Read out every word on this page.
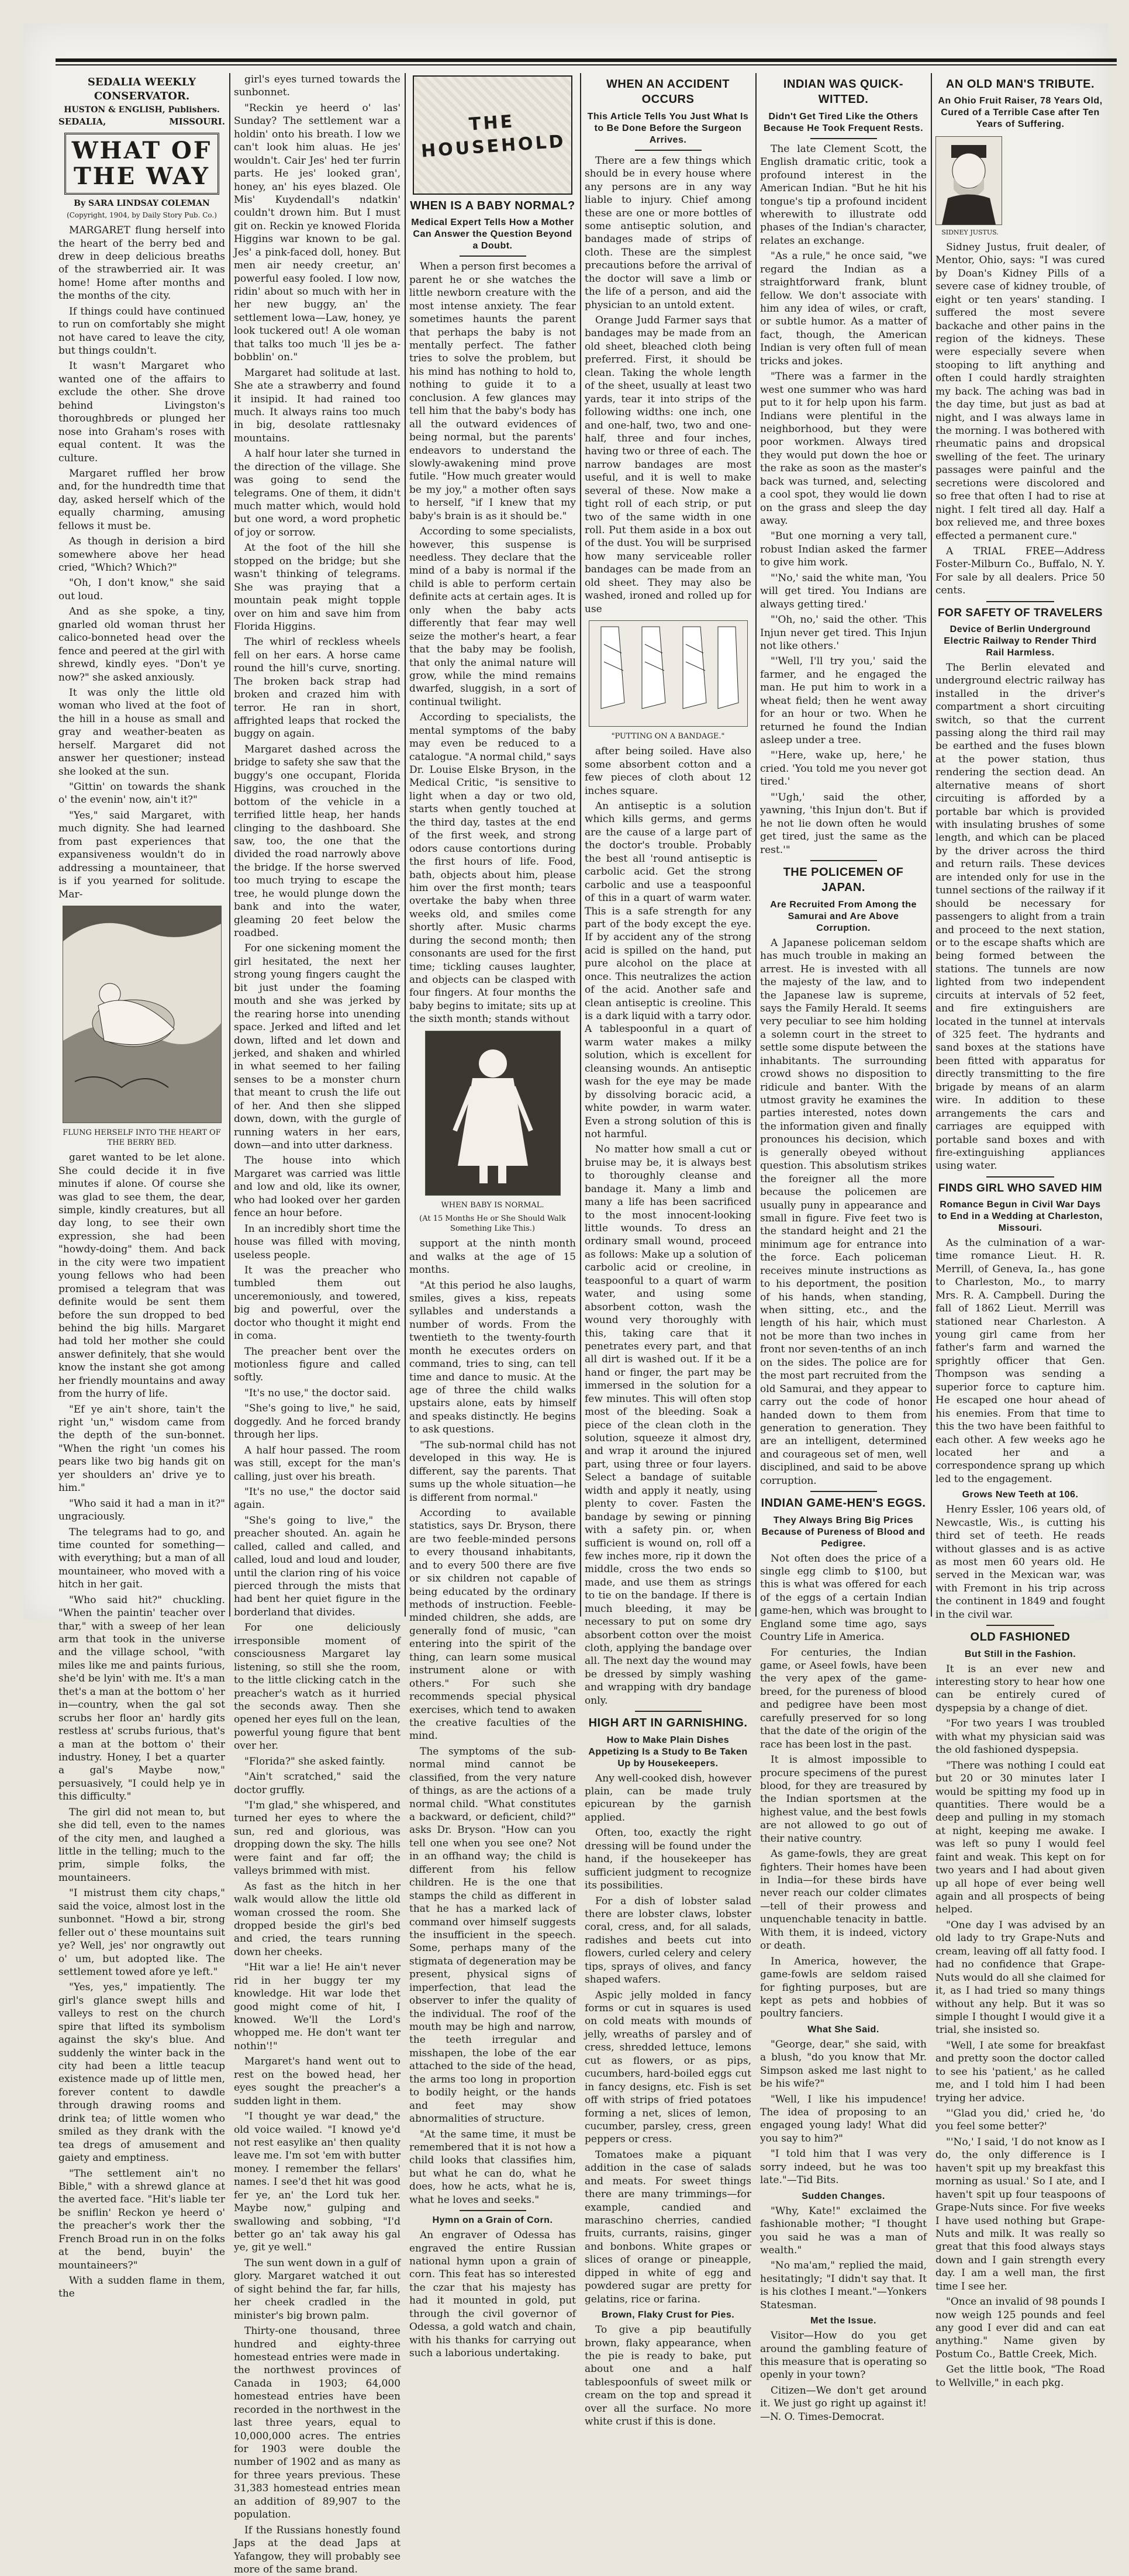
SEDALIA WEEKLY CONSERVATOR.
HUSTON & ENGLISH, Publishers.
SEDALIA,	MISSOURI.
WHAT OF THE WAY
By SARA LINDSAY COLEMAN
(Copyright, 1904, by Daily Story Pub. Co.)

MARGARET flung herself into the heart of the berry bed and drew in deep delicious breaths of the strawberried air. It was home! Home after months and the months of the city.

If things could have continued to run on comfortably she might not have cared to leave the city, but things couldn't.

It wasn't Margaret who wanted one of the affairs to exclude the other. She drove behind Livingston's thoroughbreds or plunged her nose into Graham's roses with equal content. It was the culture.

Margaret ruffled her brow and, for the hundredth time that day, asked herself which of the equally charming, amusing fellows it must be.

As though in derision a bird somewhere above her head cried, "Which? Which?"

"Oh, I don't know," she said out loud.

And as she spoke, a tiny, gnarled old woman thrust her calico-bonneted head over the fence and peered at the girl with shrewd, kindly eyes. "Don't ye now?" she asked anxiously.

It was only the little old woman who lived at the foot of the hill in a house as small and gray and weather-beaten as herself. Margaret did not answer her questioner; instead she looked at the sun.

"Gittin' on towards the shank o' the evenin' now, ain't it?"

"Yes," said Margaret, with much dignity. She had learned from past experiences that expansiveness wouldn't do in addressing a mountaineer, that is if you yearned for solitude. Mar-

FLUNG HERSELF INTO THE HEART OF THE BERRY BED.

garet wanted to be let alone. She could decide it in five minutes if alone. Of course she was glad to see them, the dear, simple, kindly creatures, but all day long, to see their own expression, she had been "howdy-doing" them. And back in the city were two impatient young fellows who had been promised a telegram that was definite would be sent them before the sun dropped to bed behind the big hills. Margaret had told her mother she could answer definitely, that she would know the instant she got among her friendly mountains and away from the hurry of life.

"Ef ye ain't shore, tain't the right 'un," wisdom came from the depth of the sun-bonnet. "When the right 'un comes his pears like two big hands git on yer shoulders an' drive ye to him."

"Who said it had a man in it?" ungraciously.

The telegrams had to go, and time counted for something—with everything; but a man of all mountaineer, who moved with a hitch in her gait.

"Who said hit?" chuckling. "When the paintin' teacher over thar," with a sweep of her lean arm that took in the universe and the village school, "with miles like me and paints furious, she'd be lyin' with me. It's a man thet's a man at the bottom o' her in—country, when the gal sot scrubs her floor an' hardly gits restless at' scrubs furious, that's a man at the bottom o' their industry. Honey, I bet a quarter a gal's Maybe now," persuasively, "I could help ye in this difficulty."

The girl did not mean to, but she did tell, even to the names of the city men, and laughed a little in the telling; much to the prim, simple folks, the mountaineers.

"I mistrust them city chaps," said the voice, almost lost in the sunbonnet. "Howd a bir, strong feller out o' these mountains suit ye? Well, jes' nor ongrawtly out o' um, but adopted like. The settlement towed afore ye left."

"Yes, yes," impatiently. The girl's glance swept hills and valleys to rest on the church spire that lifted its symbolism against the sky's blue. And suddenly the winter back in the city had been a little teacup existence made up of little men, forever content to dawdle through drawing rooms and drink tea; of little women who smiled as they drank with the tea dregs of amusement and gaiety and emptiness.

"The settlement ain't no Bible," with a shrewd glance at the averted face. "Hit's liable ter be sniflin' Reckon ye heerd o' the preacher's work ther the French Broad run in on the folks at the bend, buyin' the mountaineers?"

With a sudden flame in them, the

girl's eyes turned towards the sunbonnet.

"Reckin ye heerd o' las' Sunday? The settlement war a holdin' onto his breath. I low we can't look him aluas. He jes' wouldn't. Cair Jes' hed ter furrin parts. He jes' looked gran', honey, an' his eyes blazed. Ole Mis' Kuydendall's ndatkin' couldn't drown him. But I must git on. Reckin ye knowed Florida Higgins war known to be gal. Jes' a pink-faced doll, honey. But men air needy creetur, an' powerful easy fooled. I low now, ridin' about so much with her in her new buggy, an' the settlement lowa—Law, honey, ye look tuckered out! A ole woman that talks too much 'll jes be a-bobblin' on."

Margaret had solitude at last. She ate a strawberry and found it insipid. It had rained too much. It always rains too much in big, desolate rattlesnaky mountains.

A half hour later she turned in the direction of the village. She was going to send the telegrams. One of them, it didn't much matter which, would hold but one word, a word prophetic of joy or sorrow.

At the foot of the hill she stopped on the bridge; but she wasn't thinking of telegrams. She was praying that a mountain peak might topple over on him and save him from Florida Higgins.

The whirl of reckless wheels fell on her ears. A horse came round the hill's curve, snorting. The broken back strap had broken and crazed him with terror. He ran in short, affrighted leaps that rocked the buggy on again.

Margaret dashed across the bridge to safety she saw that the buggy's one occupant, Florida Higgins, was crouched in the bottom of the vehicle in a terrified little heap, her hands clinging to the dashboard. She saw, too, the one that the divided the road narrowly above the bridge. If the horse swerved too much trying to escape the tree, he would plunge down the bank and into the water, gleaming 20 feet below the roadbed.

For one sickening moment the girl hesitated, the next her strong young fingers caught the bit just under the foaming mouth and she was jerked by the rearing horse into unending space. Jerked and lifted and let down, lifted and let down and jerked, and shaken and whirled in what seemed to her failing senses to be a monster churn that meant to crush the life out of her. And then she slipped down, down, with the gurgle of running waters in her ears, down—and into utter darkness.

The house into which Margaret was carried was little and low and old, like its owner, who had looked over her garden fence an hour before.

In an incredibly short time the house was filled with moving, useless people.

It was the preacher who tumbled them out unceremoniously, and towered, big and powerful, over the doctor who thought it might end in coma.

The preacher bent over the motionless figure and called softly.

"It's no use," the doctor said.

"She's going to live," he said, doggedly. And he forced brandy through her lips.

A half hour passed. The room was still, except for the man's calling, just over his breath.

"It's no use," the doctor said again.

"She's going to live," the preacher shouted. An. again he called, called and called, and called, loud and loud and louder, until the clarion ring of his voice pierced through the mists that had bent her quiet figure in the borderland that divides.

For one deliciously irresponsible moment of consciousness Margaret lay listening, so still she the room, to the little clicking catch in the preacher's watch as it hurried the seconds away. Then she opened her eyes full on the lean, powerful young figure that bent over her.

"Florida?" she asked faintly.

"Ain't scratched," said the doctor gruffly.

"I'm glad," she whispered, and turned her eyes to where the sun, red and glorious, was dropping down the sky. The hills were faint and far off; the valleys brimmed with mist.

As fast as the hitch in her walk would allow the little old woman crossed the room. She dropped beside the girl's bed and cried, the tears running down her cheeks.

"Hit war a lie! He ain't never rid in her buggy ter my knowledge. Hit war lode thet good might come of hit, I knowed. We'll the Lord's whopped me. He don't want ter nothin'!"

Margaret's hand went out to rest on the bowed head, her eyes sought the preacher's a sudden light in them.

"I thought ye war dead," the old voice wailed. "I knowd ye'd not rest easylike an' then quality leave me. I'm sot 'em with butter money. I remember the fellars' names. I see'd thet hit was good fer ye, an' the Lord tuk her. Maybe now," gulping and swallowing and sobbing, "I'd better go an' tak away his gal ye, git ye well."

The sun went down in a gulf of glory. Margaret watched it out of sight behind the far, far hills, her cheek cradled in the minister's big brown palm.

Thirty-one thousand, three hundred and eighty-three homestead entries were made in the northwest provinces of Canada in 1903; 64,000 homestead entries have been recorded in the northwest in the last three years, equal to 10,000,000 acres. The entries for 1903 were double the number of 1902 and as many as for three years previous. These 31,383 homestead entries mean an addition of 89,907 to the population.

If the Russians honestly found Japs at the dead Japs at Yafangow, they will probably see more of the same brand.

THE HOUSEHOLD
WHEN IS A BABY NORMAL?
Medical Expert Tells How a Mother Can Answer the Question Beyond a Doubt.

When a person first becomes a parent he or she watches the little newborn creature with the most intense anxiety. The fear sometimes haunts the parent that perhaps the baby is not mentally perfect. The father tries to solve the problem, but his mind has nothing to hold to, nothing to guide it to a conclusion. A few glances may tell him that the baby's body has all the outward evidences of being normal, but the parents' endeavors to understand the slowly-awakening mind prove futile. "How much greater would be my joy," a mother often says to herself, "if I knew that my baby's brain is as it should be."

According to some specialists, however, this suspense is needless. They declare that the mind of a baby is normal if the child is able to perform certain definite acts at certain ages. It is only when the baby acts differently that fear may well seize the mother's heart, a fear that the baby may be foolish, that only the animal nature will grow, while the mind remains dwarfed, sluggish, in a sort of continual twilight.

According to specialists, the mental symptoms of the baby may even be reduced to a catalogue. "A normal child," says Dr. Louise Elske Bryson, in the Medical Critic, "is sensitive to light when a day or two old, starts when gently touched at the third day, tastes at the end of the first week, and strong odors cause contortions during the first hours of life. Food, bath, objects about him, please him over the first month; tears overtake the baby when three weeks old, and smiles come shortly after. Music charms during the second month; then consonants are used for the first time; tickling causes laughter, and objects can be clasped with four fingers. At four months the baby begins to imitate; sits up at the sixth month; stands without

WHEN BABY IS NORMAL.
(At 15 Months He or She Should Walk Something Like This.)

support at the ninth month and walks at the age of 15 months.

"At this period he also laughs, smiles, gives a kiss, repeats syllables and understands a number of words. From the twentieth to the twenty-fourth month he executes orders on command, tries to sing, can tell time and dance to music. At the age of three the child walks upstairs alone, eats by himself and speaks distinctly. He begins to ask questions.

"The sub-normal child has not developed in this way. He is different, say the parents. That sums up the whole situation—he is different from normal."

According to available statistics, says Dr. Bryson, there are two feeble-minded persons to every thousand inhabitants, and to every 500 there are five or six children not capable of being educated by the ordinary methods of instruction. Feeble-minded children, she adds, are generally fond of music, "can entering into the spirit of the thing, can learn some musical instrument alone or with others." For such she recommends special physical exercises, which tend to awaken the creative faculties of the mind.

The symptoms of the sub-normal mind cannot be classified, from the very nature of things, as are the actions of a normal child. "What constitutes a backward, or deficient, child?" asks Dr. Bryson. "How can you tell one when you see one? Not in an offhand way; the child is different from his fellow children. He is the one that stamps the child as different in that he has a marked lack of command over himself suggests the insufficient in the speech. Some, perhaps many of the stigmata of degeneration may be present, physical signs of imperfection, that lead the observer to infer the quality of the individual. The roof of the mouth may be high and narrow, the teeth irregular and misshapen, the lobe of the ear attached to the side of the head, the arms too long in proportion to bodily height, or the hands and feet may show abnormalities of structure.

"At the same time, it must be remembered that it is not how a child looks that classifies him, but what he can do, what he does, how he acts, what he is, what he loves and seeks."

Hymn on a Grain of Corn.

An engraver of Odessa has engraved the entire Russian national hymn upon a grain of corn. This feat has so interested the czar that his majesty has had it mounted in gold, put through the civil governor of Odessa, a gold watch and chain, with his thanks for carrying out such a laborious undertaking.

WHEN AN ACCIDENT OCCURS
This Article Tells You Just What Is to Be Done Before the Surgeon Arrives.

There are a few things which should be in every house where any persons are in any way liable to injury. Chief among these are one or more bottles of some antiseptic solution, and bandages made of strips of cloth. These are the simplest precautions before the arrival of the doctor will save a limb or the life of a person, and aid the physician to an untold extent.

Orange Judd Farmer says that bandages may be made from an old sheet, bleached cloth being preferred. First, it should be clean. Taking the whole length of the sheet, usually at least two yards, tear it into strips of the following widths: one inch, one and one-half, two, two and one-half, three and four inches, having two or three of each. The narrow bandages are most useful, and it is well to make several of these. Now make a tight roll of each strip, or put two of the same width in one roll. Put them aside in a box out of the dust. You will be surprised how many serviceable roller bandages can be made from an old sheet. They may also be washed, ironed and rolled up for use

"PUTTING ON A BANDAGE."

after being soiled. Have also some absorbent cotton and a few pieces of cloth about 12 inches square.

An antiseptic is a solution which kills germs, and germs are the cause of a large part of the doctor's trouble. Probably the best all 'round antiseptic is carbolic acid. Get the strong carbolic and use a teaspoonful of this in a quart of warm water. This is a safe strength for any part of the body except the eye. If by accident any of the strong acid is spilled on the hand, put pure alcohol on the place at once. This neutralizes the action of the acid. Another safe and clean antiseptic is creoline. This is a dark liquid with a tarry odor. A tablespoonful in a quart of warm water makes a milky solution, which is excellent for cleansing wounds. An antiseptic wash for the eye may be made by dissolving boracic acid, a white powder, in warm water. Even a strong solution of this is not harmful.

No matter how small a cut or bruise may be, it is always best to thoroughly cleanse and bandage it. Many a limb and many a life has been sacrificed to the most innocent-looking little wounds. To dress an ordinary small wound, proceed as follows: Make up a solution of carbolic acid or creoline, in teaspoonful to a quart of warm water, and using some absorbent cotton, wash the wound very thoroughly with this, taking care that it penetrates every part, and that all dirt is washed out. If it be a hand or finger, the part may be immersed in the solution for a few minutes. This will often stop most of the bleeding. Soak a piece of the clean cloth in the solution, squeeze it almost dry, and wrap it around the injured part, using three or four layers. Select a bandage of suitable width and apply it neatly, using plenty to cover. Fasten the bandage by sewing or pinning with a safety pin. or, when sufficient is wound on, roll off a few inches more, rip it down the middle, cross the two ends so made, and use them as strings to tie on the bandage. If there is much bleeding, it may be necessary to put on some dry absorbent cotton over the moist cloth, applying the bandage over all. The next day the wound may be dressed by simply washing and wrapping with dry bandage only.

HIGH ART IN GARNISHING.
How to Make Plain Dishes Appetizing Is a Study to Be Taken Up by Housekeepers.

Any well-cooked dish, however plain, can be made truly epicurean by the garnish applied.

Often, too, exactly the right dressing will be found under the hand, if the housekeeper has sufficient judgment to recognize its possibilities.

For a dish of lobster salad there are lobster claws, lobster coral, cress, and, for all salads, radishes and beets cut into flowers, curled celery and celery tips, sprays of olives, and fancy shaped wafers.

Aspic jelly molded in fancy forms or cut in squares is used on cold meats with mounds of jelly, wreaths of parsley and of cress, shredded lettuce, lemons cut as flowers, or as pips, cucumbers, hard-boiled eggs cut in fancy designs, etc. Fish is set off with strips of fried potatoes forming a net, slices of lemon, cucumber, parsley, cress, green peppers or cress.

Tomatoes make a piquant addition in the case of salads and meats. For sweet things there are many trimmings—for example, candied and maraschino cherries, candied fruits, currants, raisins, ginger and bonbons. White grapes or slices of orange or pineapple, dipped in white of egg and powdered sugar are pretty for gelatins, rice or farina.

Brown, Flaky Crust for Pies.

To give a pip beautifully brown, flaky appearance, when the pie is ready to bake, put about one and a half tablespoonfuls of sweet milk or cream on the top and spread it over all the surface. No more white crust if this is done.

INDIAN WAS QUICK-WITTED.
Didn't Get Tired Like the Others Because He Took Frequent Rests.

The late Clement Scott, the English dramatic critic, took a profound interest in the American Indian. "But he hit his tongue's tip a profound incident wherewith to illustrate odd phases of the Indian's character, relates an exchange.

"As a rule," he once said, "we regard the Indian as a straightforward frank, blunt fellow. We don't associate with him any idea of wiles, or craft, or subtle humor. As a matter of fact, though, the American Indian is very often full of mean tricks and jokes.

"There was a farmer in the west one summer who was hard put to it for help upon his farm. Indians were plentiful in the neighborhood, but they were poor workmen. Always tired they would put down the hoe or the rake as soon as the master's back was turned, and, selecting a cool spot, they would lie down on the grass and sleep the day away.

"But one morning a very tall, robust Indian asked the farmer to give him work.

"'No,' said the white man, 'You will get tired. You Indians are always getting tired.'

"'Oh, no,' said the other. 'This Injun never get tired. This Injun not like others.'

"'Well, I'll try you,' said the farmer, and he engaged the man. He put him to work in a wheat field; then he went away for an hour or two. When he returned he found the Indian asleep under a tree.

"'Here, wake up, here,' he cried. 'You told me you never got tired.'

"'Ugh,' said the other, yawning, 'this Injun don't. But if he not lie down often he would get tired, just the same as the rest.'"

THE POLICEMEN OF JAPAN.
Are Recruited From Among the Samurai and Are Above Corruption.

A Japanese policeman seldom has much trouble in making an arrest. He is invested with all the majesty of the law, and to the Japanese law is supreme, says the Family Herald. It seems very peculiar to see him holding a solemn court in the street to settle some dispute between the inhabitants. The surrounding crowd shows no disposition to ridicule and banter. With the utmost gravity he examines the parties interested, notes down the information given and finally pronounces his decision, which is generally obeyed without question. This absolutism strikes the foreigner all the more because the policemen are usually puny in appearance and small in figure. Five feet two is the standard height and 21 the minimum age for entrance into the force. Each policeman receives minute instructions as to his deportment, the position of his hands, when standing, when sitting, etc., and the length of his hair, which must not be more than two inches in front nor seven-tenths of an inch on the sides. The police are for the most part recruited from the old Samurai, and they appear to carry out the code of honor handed down to them from generation to generation. They are an intelligent, determined and courageous set of men, well disciplined, and said to be above corruption.

INDIAN GAME-HEN'S EGGS.
They Always Bring Big Prices Because of Pureness of Blood and Pedigree.

Not often does the price of a single egg climb to $100, but this is what was offered for each of the eggs of a certain Indian game-hen, which was brought to England some time ago, says Country Life in America.

For centuries, the Indian game, or Aseel fowls, have been the very apex of the game-breed, for the pureness of blood and pedigree have been most carefully preserved for so long that the date of the origin of the race has been lost in the past.

It is almost impossible to procure specimens of the purest blood, for they are treasured by the Indian sportsmen at the highest value, and the best fowls are not allowed to go out of their native country.

As game-fowls, they are great fighters. Their homes have been in India—for these birds have never reach our colder climates—tell of their prowess and unquenchable tenacity in battle. With them, it is indeed, victory or death.

In America, however, the game-fowls are seldom raised for fighting purposes, but are kept as pets and hobbies of poultry fanciers.

What She Said.

"George, dear," she said, with a blush, "do you know that Mr. Simpson asked me last night to be his wife?"

"Well, I like his impudence! The idea of proposing to an engaged young lady! What did you say to him?"

"I told him that I was very sorry indeed, but he was too late."—Tid Bits.

Sudden Changes.

"Why, Kate!" exclaimed the fashionable mother; "I thought you said he was a man of wealth."

"No ma'am," replied the maid, hesitatingly; "I didn't say that. It is his clothes I meant."—Yonkers Statesman.

Met the Issue.

Visitor—How do you get around the gambling feature of this measure that is operating so openly in your town?

Citizen—We don't get around it. We just go right up against it!—N. O. Times-Democrat.

AN OLD MAN'S TRIBUTE.
An Ohio Fruit Raiser, 78 Years Old, Cured of a Terrible Case after Ten Years of Suffering.
SIDNEY JUSTUS.

Sidney Justus, fruit dealer, of Mentor, Ohio, says: "I was cured by Doan's Kidney Pills of a severe case of kidney trouble, of eight or ten years' standing. I suffered the most severe backache and other pains in the region of the kidneys. These were especially severe when stooping to lift anything and often I could hardly straighten my back. The aching was bad in the day time, but just as bad at night, and I was always lame in the morning. I was bothered with rheumatic pains and dropsical swelling of the feet. The urinary passages were painful and the secretions were discolored and so free that often I had to rise at night. I felt tired all day. Half a box relieved me, and three boxes effected a permanent cure."

A TRIAL FREE—Address Foster-Milburn Co., Buffalo, N. Y. For sale by all dealers. Price 50 cents.

FOR SAFETY OF TRAVELERS
Device of Berlin Underground Electric Railway to Render Third Rail Harmless.

The Berlin elevated and underground electric railway has installed in the driver's compartment a short circuiting switch, so that the current passing along the third rail may be earthed and the fuses blown at the power station, thus rendering the section dead. An alternative means of short circuiting is afforded by a portable bar which is provided with insulating brushes of some length, and which can be placed by the driver across the third and return rails. These devices are intended only for use in the tunnel sections of the railway if it should be necessary for passengers to alight from a train and proceed to the next station, or to the escape shafts which are being formed between the stations. The tunnels are now lighted from two independent circuits at intervals of 52 feet, and fire extinguishers are located in the tunnel at intervals of 325 feet. The hydrants and sand boxes at the stations have been fitted with apparatus for directly transmitting to the fire brigade by means of an alarm wire. In addition to these arrangements the cars and carriages are equipped with portable sand boxes and with fire-extinguishing appliances using water.

FINDS GIRL WHO SAVED HIM
Romance Begun in Civil War Days to End in a Wedding at Charleston, Missouri.

As the culmination of a war-time romance Lieut. H. R. Merrill, of Geneva, Ia., has gone to Charleston, Mo., to marry Mrs. R. A. Campbell. During the fall of 1862 Lieut. Merrill was stationed near Charleston. A young girl came from her father's farm and warned the sprightly officer that Gen. Thompson was sending a superior force to capture him. He escaped one hour ahead of his enemies. From that time to this the two have been faithful to each other. A few weeks ago he located her and a correspondence sprang up which led to the engagement.

Grows New Teeth at 106.

Henry Essler, 106 years old, of Newcastle, Wis., is cutting his third set of teeth. He reads without glasses and is as active as most men 60 years old. He served in the Mexican war, was with Fremont in his trip across the continent in 1849 and fought in the civil war.

OLD FASHIONED
But Still in the Fashion.

It is an ever new and interesting story to hear how one can be entirely cured of dyspepsia by a change of diet.

"For two years I was troubled with what my physician said was the old fashioned dyspepsia.

"There was nothing I could eat but 20 or 30 minutes later I would be spitting my food up in quantities. There would be a deep and pulling in my stomach at night, keeping me awake. I was left so puny I would feel faint and weak. This kept on for two years and I had about given up all hope of ever being well again and all prospects of being helped.

"One day I was advised by an old lady to try Grape-Nuts and cream, leaving off all fatty food. I had no confidence that Grape-Nuts would do all she claimed for it, as I had tried so many things without any help. But it was so simple I thought I would give it a trial, she insisted so.

"Well, I ate some for breakfast and pretty soon the doctor called to see his 'patient,' as he called me, and I told him I had been trying her advice.

"'Glad you did,' cried he, 'do you feel some better?'

"'No,' I said, 'I do not know as I do, the only difference is I haven't spit up my breakfast this morning as usual.' So I ate, and I haven't spit up four teaspoons of Grape-Nuts since. For five weeks I have used nothing but Grape-Nuts and milk. It was really so great that this food always stays down and I gain strength every day. I am a well man, the first time I see her.

"Once an invalid of 98 pounds I now weigh 125 pounds and feel any good I ever did and can eat anything." Name given by Postum Co., Battle Creek, Mich.

Get the little book, "The Road to Wellville," in each pkg.
